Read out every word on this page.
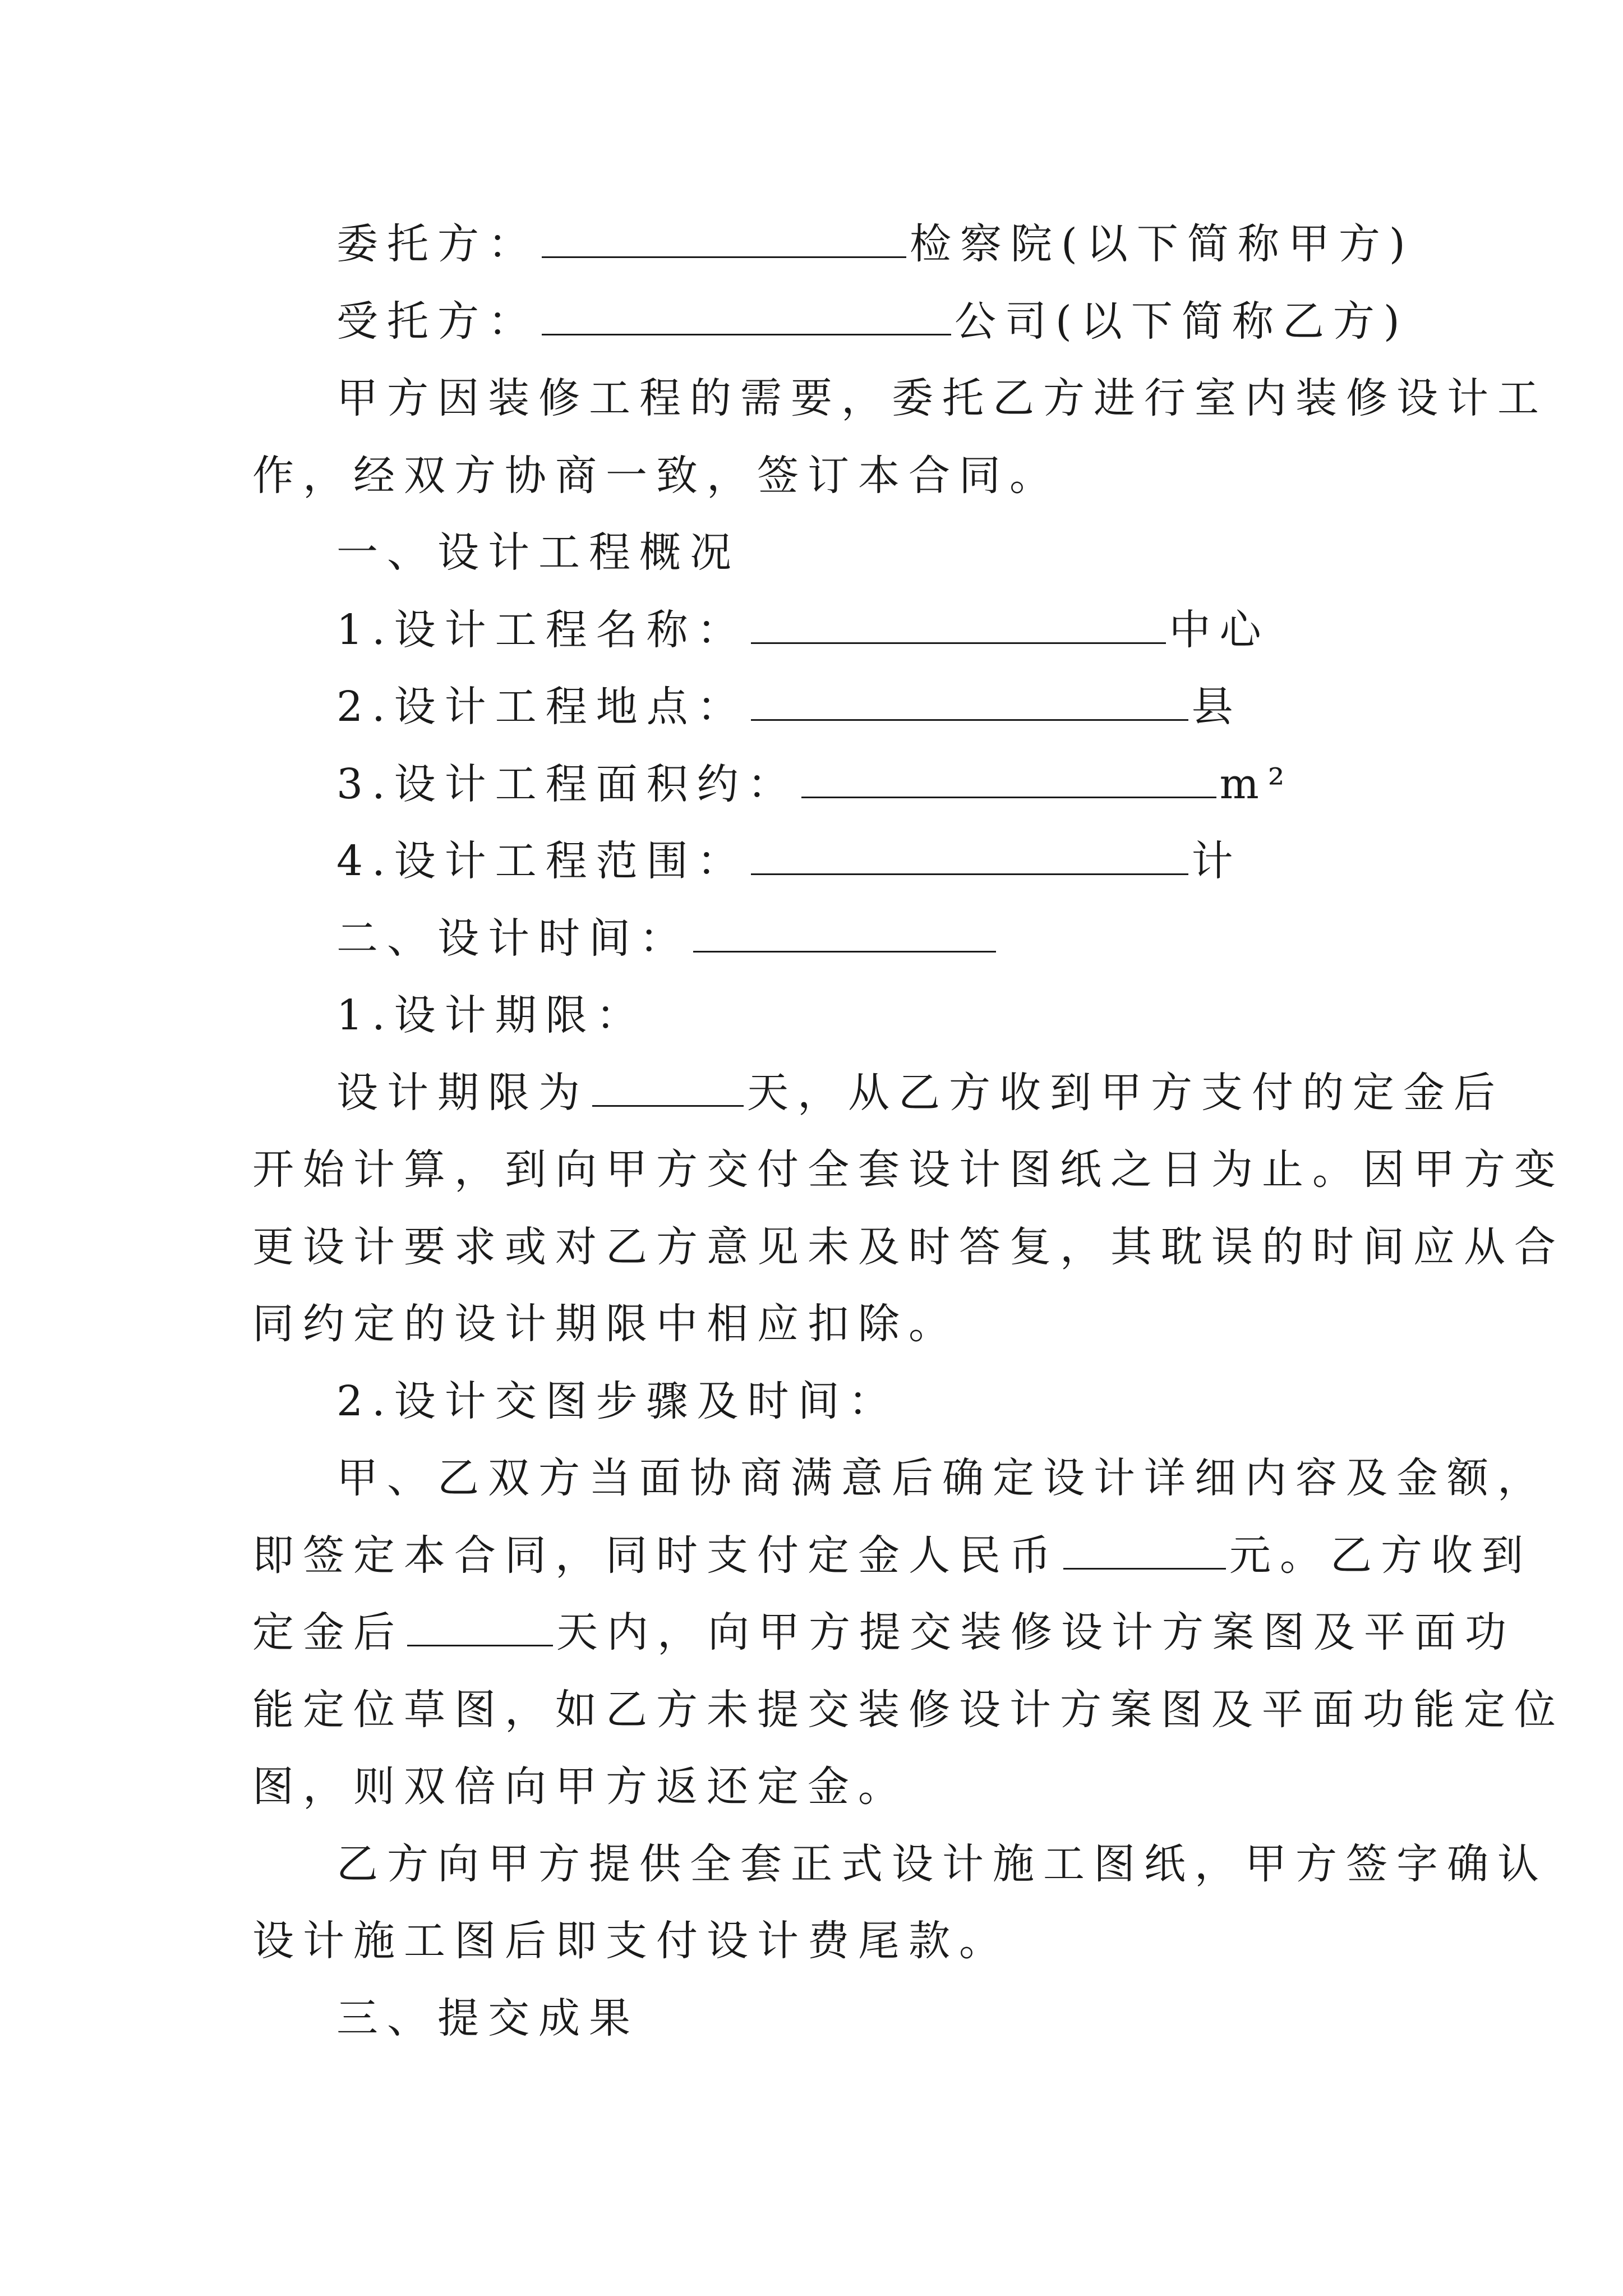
委托方：	检察院(以下简称甲方)
受托方：	公司(以下简称乙方)
甲方因装修工程的需要，委托乙方进行室内装修设计工
作，经双方协商一致，签订本合同。
一、设计工程概况
1.设计工程名称：	中心
2.设计工程地点：	县
3.设计工程面积约：	m²
4.设计工程范围：	计
二、设计时间：
1.设计期限：
设计期限为	天，从乙方收到甲方支付的定金后
开始计算，到向甲方交付全套设计图纸之日为止。因甲方变
更设计要求或对乙方意见未及时答复，其耽误的时间应从合
同约定的设计期限中相应扣除。
2.设计交图步骤及时间：
甲、乙双方当面协商满意后确定设计详细内容及金额，
即签定本合同，同时支付定金人民币	元。乙方收到
定金后	天内，向甲方提交装修设计方案图及平面功
能定位草图，如乙方未提交装修设计方案图及平面功能定位
图，则双倍向甲方返还定金。
乙方向甲方提供全套正式设计施工图纸，甲方签字确认
设计施工图后即支付设计费尾款。
三、提交成果
